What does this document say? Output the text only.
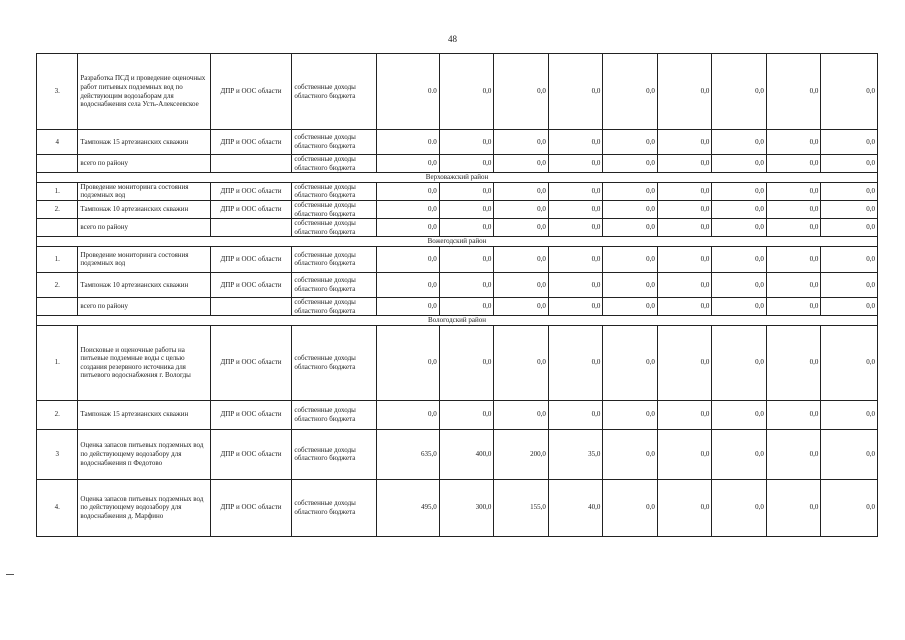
48
3.	Разработка ПСД и проведение оценочных работ питьевых подземных вод по действующим водозаборам для водоснабжения села Усть-Алексеевское	ДПР и ООС области	собственные доходы областного бюджета	0.0	0,0	0,0	0,0	0,0	0,0	0,0	0,0	0,0
4	Тампонаж 15 артезианских скважин	ДПР и ООС области	собственные доходы областного бюджета	0.0	0,0	0,0	0,0	0,0	0,0	0,0	0,0	0,0
	всего по району		собственные доходы областного бюджета	0,0	0,0	0,0	0,0	0,0	0,0	0,0	0,0	0,0
Верховажский район												
1.	Проведение мониторинга состояния подземных вод	ДПР и ООС области	собственные доходы областного бюджета	0,0	0,0	0,0	0,0	0,0	0,0	0,0	0,0	0,0
2.	Тампонаж 10 артезианских скважин	ДПР и ООС области	собственные доходы областного бюджета	0,0	0,0	0,0	0,0	0,0	0,0	0,0	0,0	0,0
	всего по району		собственные доходы областного бюджета	0,0	0,0	0,0	0,0	0,0	0,0	0,0	0,0	0,0
Вожегодский район												
1.	Проведение мониторинга состояния подземных вод	ДПР и ООС области	собственные доходы областного бюджета	0,0	0,0	0,0	0,0	0,0	0,0	0,0	0,0	0,0
2.	Тампонаж 10 артезианских скважин	ДПР и ООС области	собственные доходы областного бюджета	0,0	0,0	0,0	0,0	0,0	0,0	0,0	0,0	0,0
	всего по району		собственные доходы областного бюджета	0,0	0,0	0,0	0,0	0,0	0,0	0,0	0,0	0,0
Вологодский район												
1.	Поисковые и оценочные работы на питьевые подземные воды с целью создания резервного источника для питьевого водоснабжения г. Вологды	ДПР и ООС области	собственные доходы областного бюджета	0,0	0,0	0,0	0,0	0,0	0,0	0,0	0,0	0,0
2.	Тампонаж 15 артезианских скважин	ДПР и ООС области	собственные доходы областного бюджета	0,0	0,0	0,0	0,0	0,0	0,0	0,0	0,0	0,0
3	Оценка запасов питьевых подземных вод по действующему водозабору для водоснабжения п Федотово	ДПР и ООС области	собственные доходы областного бюджета	635,0	400,0	200,0	35,0	0,0	0,0	0,0	0,0	0,0
4.	Оценка запасов питьевых подземных вод по действующему водозабору для водоснабжения д. Марфино	ДПР и ООС области	собственные доходы областного бюджета	495,0	300,0	155,0	40,0	0,0	0,0	0,0	0,0	0,0
